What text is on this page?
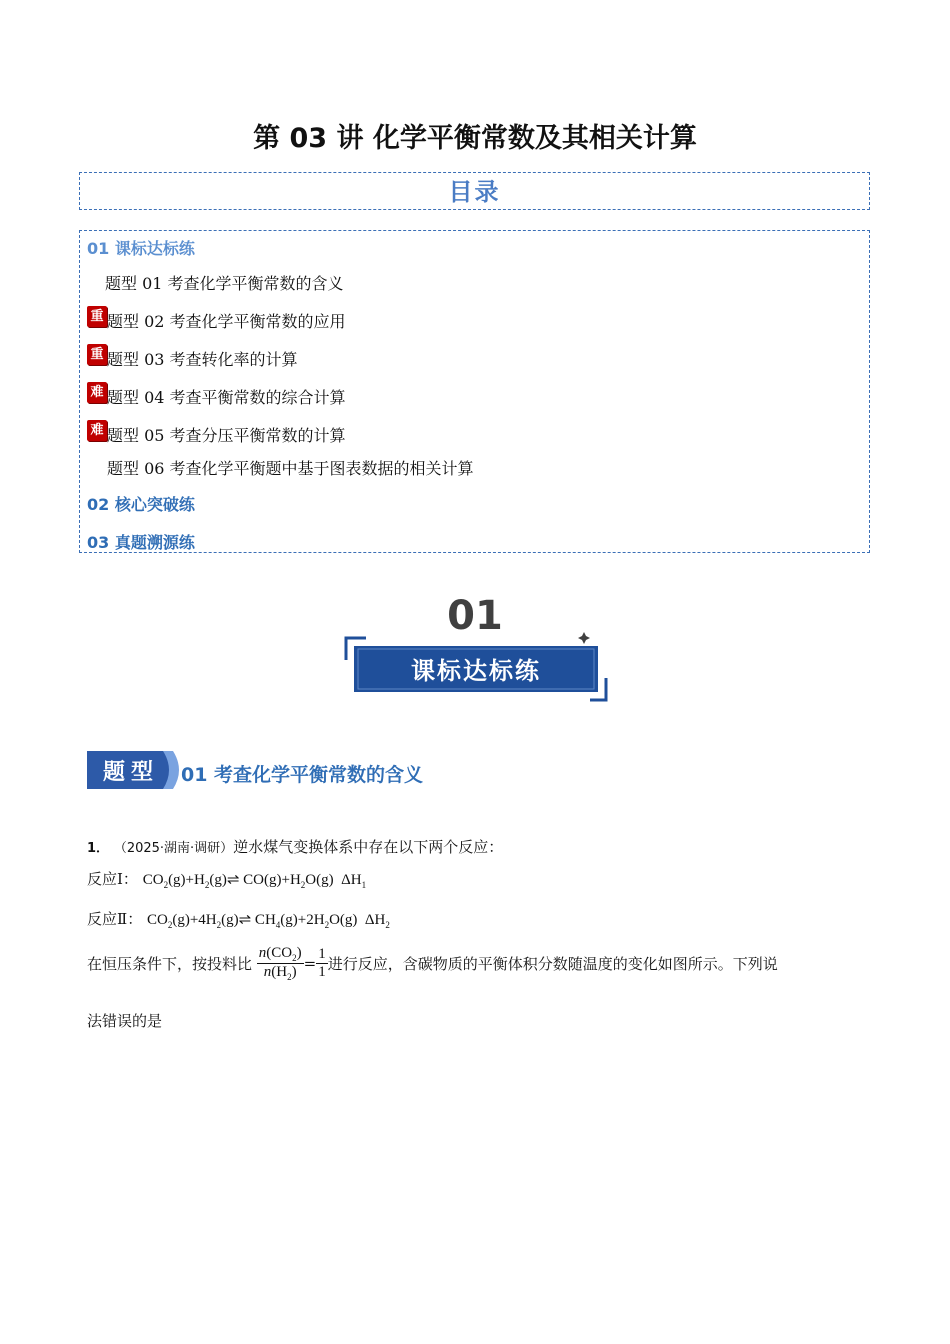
第 03 讲 化学平衡常数及其相关计算
目录
01 课标达标练
题型 01 考查化学平衡常数的含义
重 题型 02 考查化学平衡常数的应用
重 题型 03 考查转化率的计算
难 题型 04 考查平衡常数的综合计算
难 题型 05 考查分压平衡常数的计算
题型 06 考查化学平衡题中基于图表数据的相关计算
02 核心突破练
03 真题溯源练
01
课标达标练
题型	01 考查化学平衡常数的含义
1． （2025·湖南·调研）逆水煤气变换体系中存在以下两个反应：
反应Ⅰ： $CO_2(g)+H_2(g)\rightleftharpoons$ $CO(g)+H_2O(g)$  $\Delta H_1$
反应Ⅱ： $CO_2(g)+4H_2(g)\rightleftharpoons$ $CH_4(g)+2H_2O(g)$  $\Delta H_2$
在恒压条件下，按投料比 $\frac{n(CO_2)}{n(H_2)} = \frac{1}{1}$ 进行反应，含碳物质的平衡体积分数随温度的变化如图所示。下列说
法错误的是
